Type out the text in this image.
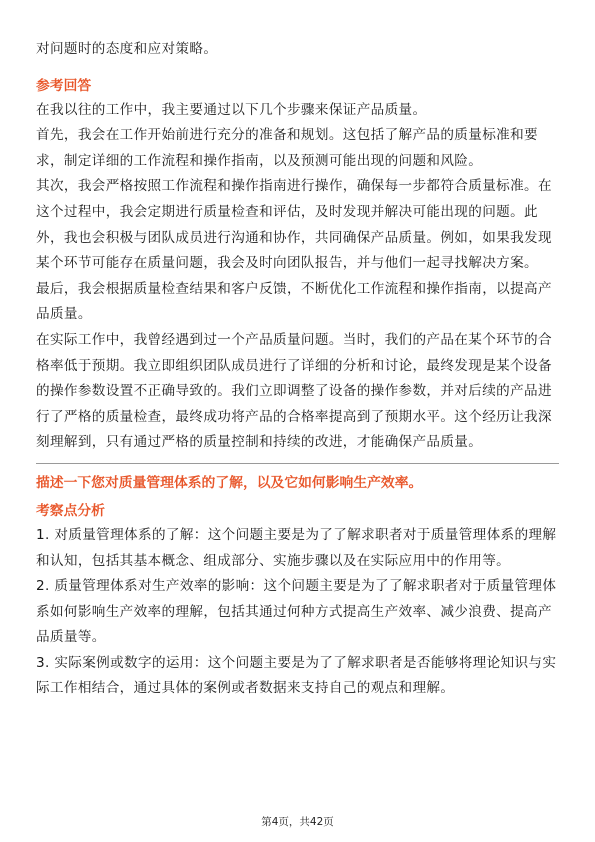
对问题时的态度和应对策略。

参考回答

在我以往的工作中，我主要通过以下几个步骤来保证产品质量。

首先，我会在工作开始前进行充分的准备和规划。这包括了解产品的质量标准和要求，制定详细的工作流程和操作指南，以及预测可能出现的问题和风险。

其次，我会严格按照工作流程和操作指南进行操作，确保每一步都符合质量标准。在这个过程中，我会定期进行质量检查和评估，及时发现并解决可能出现的问题。此外，我也会积极与团队成员进行沟通和协作，共同确保产品质量。例如，如果我发现某个环节可能存在质量问题，我会及时向团队报告，并与他们一起寻找解决方案。

最后，我会根据质量检查结果和客户反馈，不断优化工作流程和操作指南，以提高产品质量。

在实际工作中，我曾经遇到过一个产品质量问题。当时，我们的产品在某个环节的合格率低于预期。我立即组织团队成员进行了详细的分析和讨论，最终发现是某个设备的操作参数设置不正确导致的。我们立即调整了设备的操作参数，并对后续的产品进行了严格的质量检查，最终成功将产品的合格率提高到了预期水平。这个经历让我深刻理解到，只有通过严格的质量控制和持续的改进，才能确保产品质量。

描述一下您对质量管理体系的了解，以及它如何影响生产效率。

考察点分析

1. 对质量管理体系的了解：这个问题主要是为了了解求职者对于质量管理体系的理解和认知，包括其基本概念、组成部分、实施步骤以及在实际应用中的作用等。

2. 质量管理体系对生产效率的影响：这个问题主要是为了了解求职者对于质量管理体系如何影响生产效率的理解，包括其通过何种方式提高生产效率、减少浪费、提高产品质量等。

3. 实际案例或数字的运用：这个问题主要是为了了解求职者是否能够将理论知识与实际工作相结合，通过具体的案例或者数据来支持自己的观点和理解。

第4页，共42页
